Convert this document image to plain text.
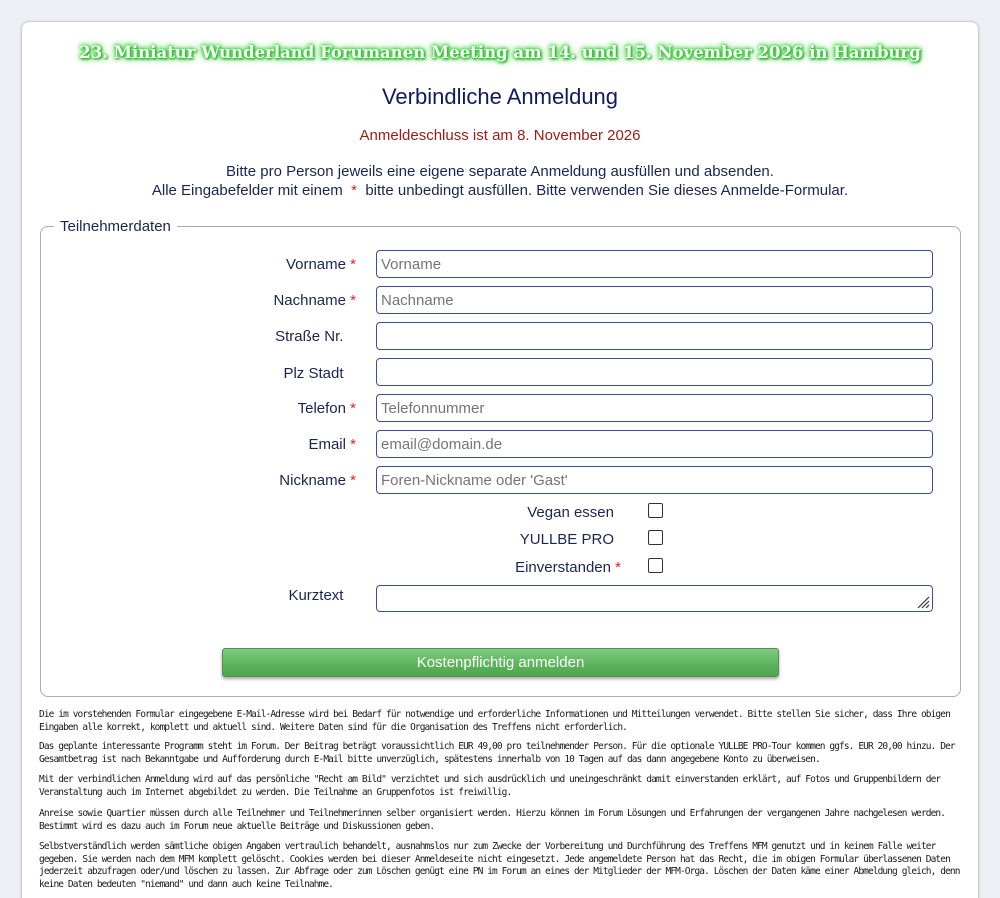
23. Miniatur Wunderland Forumanen Meeting am 14. und 15. November 2026 in Hamburg
Verbindliche Anmeldung
Anmeldeschluss ist am 8. November 2026
Bitte pro Person jeweils eine eigene separate Anmeldung ausfüllen und absenden.
Alle Eingabefelder mit einem * bitte unbedingt ausfüllen. Bitte verwenden Sie dieses Anmelde-Formular.
Teilnehmerdaten
Vorname *
Vorname
Nachname *
Nachname
Straße Nr.
Plz Stadt
Telefon *
Telefonnummer
Email *
email@domain.de
Nickname *
Foren-Nickname oder 'Gast'
Vegan essen
YULLBE PRO
Einverstanden *
Kurztext
Kostenpflichtig anmelden
Die im vorstehenden Formular eingegebene E-Mail-Adresse wird bei Bedarf für notwendige und erforderliche Informationen und Mitteilungen verwendet. Bitte stellen Sie sicher, dass Ihre obigen Eingaben alle korrekt, komplett und aktuell sind. Weitere Daten sind für die Organisation des Treffens nicht erforderlich.
Das geplante interessante Programm steht im Forum. Der Beitrag beträgt voraussichtlich EUR 49,00 pro teilnehmender Person. Für die optionale YULLBE PRO-Tour kommen ggfs. EUR 20,00 hinzu. Der Gesamtbetrag ist nach Bekanntgabe und Aufforderung durch E-Mail bitte unverzüglich, spätestens innerhalb von 10 Tagen auf das dann angegebene Konto zu überweisen.
Mit der verbindlichen Anmeldung wird auf das persönliche "Recht am Bild" verzichtet und sich ausdrücklich und uneingeschränkt damit einverstanden erklärt, auf Fotos und Gruppenbildern der Veranstaltung auch im Internet abgebildet zu werden. Die Teilnahme an Gruppenfotos ist freiwillig.
Anreise sowie Quartier müssen durch alle Teilnehmer und Teilnehmerinnen selber organisiert werden. Hierzu können im Forum Lösungen und Erfahrungen der vergangenen Jahre nachgelesen werden. Bestimmt wird es dazu auch im Forum neue aktuelle Beiträge und Diskussionen geben.
Selbstverständlich werden sämtliche obigen Angaben vertraulich behandelt, ausnahmslos nur zum Zwecke der Vorbereitung und Durchführung des Treffens MFM genutzt und in keinem Falle weiter gegeben. Sie werden nach dem MFM komplett gelöscht. Cookies werden bei dieser Anmeldeseite nicht eingesetzt. Jede angemeldete Person hat das Recht, die im obigen Formular überlassenen Daten jederzeit abzufragen oder/und löschen zu lassen. Zur Abfrage oder zum Löschen genügt eine PN im Forum an eines der Mitglieder der MFM-Orga. Löschen der Daten käme einer Abmeldung gleich, denn keine Daten bedeuten "niemand" und dann auch keine Teilnahme.
